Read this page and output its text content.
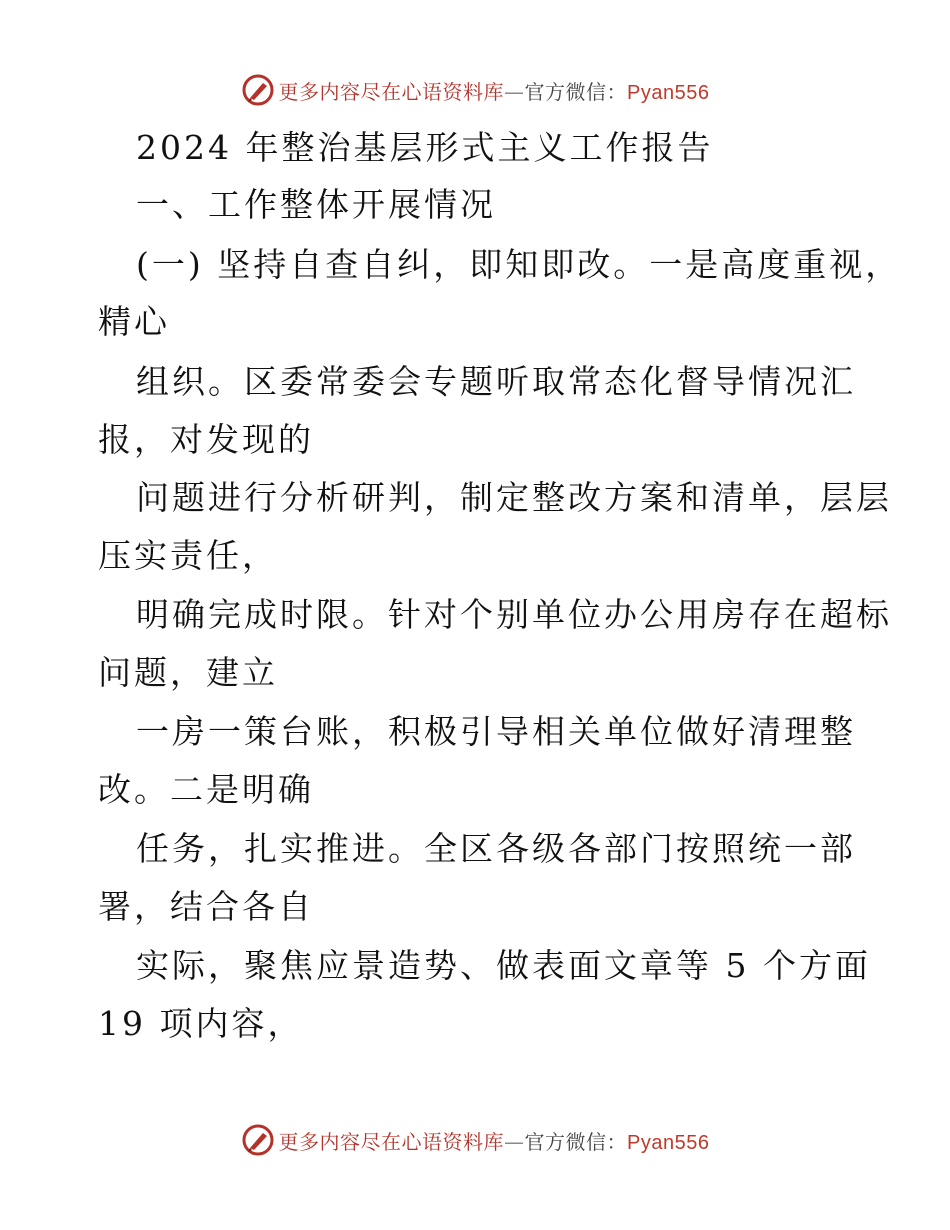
更多内容尽在心语资料库—官方微信：Pyan556
2024 年整治基层形式主义工作报告
一、工作整体开展情况
(一) 坚持自查自纠，即知即改。一是高度重视，
精心
组织。区委常委会专题听取常态化督导情况汇
报，对发现的
问题进行分析研判，制定整改方案和清单，层层
压实责任，
明确完成时限。针对个别单位办公用房存在超标
问题，建立
一房一策台账，积极引导相关单位做好清理整
改。二是明确
任务，扎实推进。全区各级各部门按照统一部
署，结合各自
实际，聚焦应景造势、做表面文章等 5 个方面
19 项内容，
更多内容尽在心语资料库—官方微信：Pyan556
